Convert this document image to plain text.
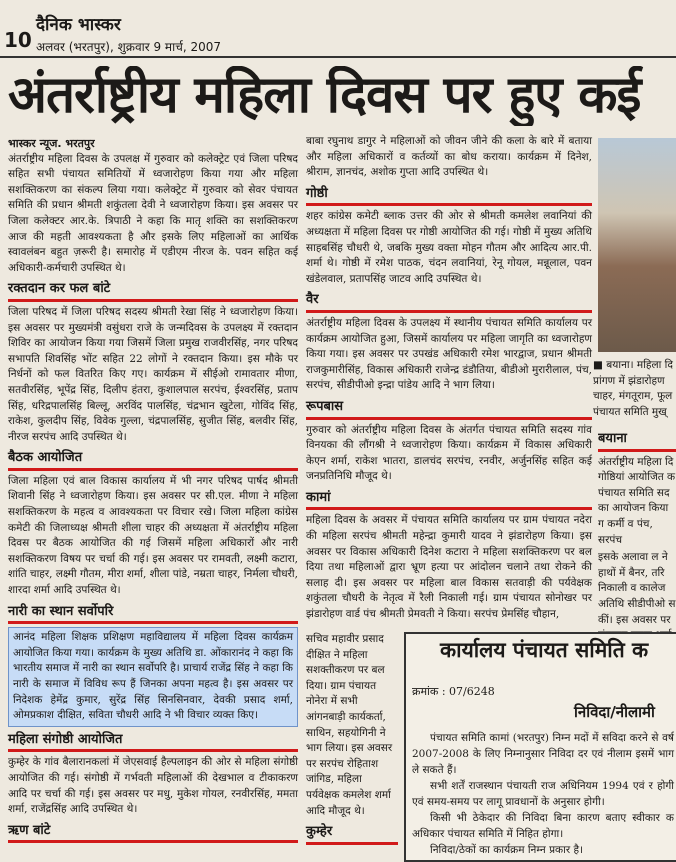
10
दैनिक भास्कर
अलवर (भरतपुर), शुक्रवार 9 मार्च, 2007
अंतर्राष्ट्रीय महिला दिवस पर हुए कई
भास्कर न्यूज. भरतपुर

अंतर्राष्ट्रीय महिला दिवस के उपलक्ष में गुरुवार को कलेक्ट्रेट एवं जिला परिषद सहित सभी पंचायत समितियों में ध्वजारोहण किया गया और महिला सशक्तिकरण का संकल्प लिया गया। कलेक्ट्रेट में गुरुवार को सेवर पंचायत समिति की प्रधान श्रीमती शकुंतला देवी ने ध्वजारोहण किया। इस अवसर पर जिला कलेक्टर आर.के. त्रिपाठी ने कहा कि मातृ शक्ति का सशक्तिकरण आज की महती आवश्यकता है और इसके लिए महिलाओं का आर्थिक स्वावलंबन बहुत ज़रूरी है। समारोह में एडीएम नीरज के. पवन सहित कई अधिकारी-कर्मचारी उपस्थित थे।

रक्तदान कर फल बांटे

जिला परिषद में जिला परिषद सदस्य श्रीमती रेखा सिंह ने ध्वजारोहण किया। इस अवसर पर मुख्यमंत्री वसुंधरा राजे के जन्मदिवस के उपलक्ष्य में रक्तदान शिविर का आयोजन किया गया जिसमें जिला प्रमुख राजवीरसिंह, नगर परिषद सभापति शिवसिंह भोंट सहित 22 लोगों ने रक्तदान किया। इस मौके पर निर्धनों को फल वितरित किए गए। कार्यक्रम में सीईओ रामावतार मीणा, सतवीरसिंह, भूपेंद्र सिंह, दिलीप हंतरा, कुशालपाल सरपंच, ईश्वरसिंह, प्रताप सिंह, धरिद्रपालसिंह बिल्लू, अरविंद पालसिंह, चंद्रभान खुटेला, गोविंद सिंह, राकेश, कुलदीप सिंह, विवेक गुल्ला, चंद्रपालसिंह, सुजीत सिंह, बलवीर सिंह, नीरज सरपंच आदि उपस्थित थे।

बैठक आयोजित

जिला महिला एवं बाल विकास कार्यालय में भी नगर परिषद पार्षद श्रीमती शिवानी सिंह ने ध्वजारोहण किया। इस अवसर पर सी.एल. मीणा ने महिला सशक्तिकरण के महत्व व आवश्यकता पर विचार रखे। जिला महिला कांग्रेस कमेटी की जिलाध्यक्ष श्रीमती शीला चाहर की अध्यक्षता में अंतर्राष्ट्रीय महिला दिवस पर बैठक आयोजित की गई जिसमें महिला अधिकारों और नारी सशक्तिकरण विषय पर चर्चा की गई। इस अवसर पर रामवती, लक्ष्मी कटारा, शांति चाहर, लक्ष्मी गौतम, मीरा शर्मा, शीला पांडे, नम्रता चाहर, निर्मला चौधरी, शारदा शर्मा आदि उपस्थित थे।

नारी का स्थान सर्वोपरि

आनंद महिला शिक्षक प्रशिक्षण महाविद्यालय में महिला दिवस कार्यक्रम आयोजित किया गया। कार्यक्रम के मुख्य अतिथि डा. ओंकारानंद ने कहा कि भारतीय समाज में नारी का स्थान सर्वोपरि है। प्राचार्य राजेंद्र सिंह ने कहा कि नारी के समाज में विविध रूप हैं जिनका अपना महत्व है। इस अवसर पर निदेशक हेमेंद्र कुमार, सुरेंद्र सिंह सिनसिनवार, देवकी प्रसाद शर्मा, ओमप्रकाश दीक्षित, सविता चौधरी आदि ने भी विचार व्यक्त किए।

महिला संगोष्ठी आयोजित

कुम्हेर के गांव बैलारानकलां में जेएसवाई हैल्पलाइन की ओर से महिला संगोष्ठी आयोजित की गई। संगोष्ठी में गर्भवती महिलाओं की देखभाल व टीकाकरण आदि पर चर्चा की गई। इस अवसर पर मधु, मुकेश गोयल, रनवीरसिंह, ममता शर्मा, राजेंद्रसिंह आदि उपस्थित थे।

ऋण बांटे

बाबा रघुनाथ डागुर ने महिलाओं को जीवन जीने की कला के बारे में बताया और महिला अधिकारों व कर्तव्यों का बोध कराया। कार्यक्रम में दिनेश, श्रीराम, ज्ञानचंद, अशोक गुप्ता आदि उपस्थित थे।

गोष्ठी

शहर कांग्रेस कमेटी ब्लाक उत्तर की ओर से श्रीमती कमलेश लवानियां की अध्यक्षता में महिला दिवस पर गोष्ठी आयोजित की गई। गोष्ठी में मुख्य अतिथि साहबसिंह चौधरी थे, जबकि मुख्य वक्ता मोहन गौतम और आदित्य आर.पी. शर्मा थे। गोष्ठी में रमेश पाठक, चंदन लवानियां, रेनू गोयल, मन्नूलाल, पवन खंडेलवाल, प्रतापसिंह जाटव आदि उपस्थित थे।

वैर

अंतर्राष्ट्रीय महिला दिवस के उपलक्ष्य में स्थानीय पंचायत समिति कार्यालय पर कार्यक्रम आयोजित हुआ, जिसमें कार्यालय पर महिला जागृति का ध्वजारोहण किया गया। इस अवसर पर उपखंड अधिकारी रमेश भारद्वाज, प्रधान श्रीमती राजकुमारीसिंह, विकास अधिकारी राजेन्द्र डंडौतिया, बीडीओ मुरारीलाल, पंच, सरपंच, सीडीपीओ इन्द्रा पांडेय आदि ने भाग लिया।

रूपबास

गुरुवार को अंतर्राष्ट्रीय महिला दिवस के अंतर्गत पंचायत समिति सदस्य गांव विनयका की लौंगश्री ने ध्वजारोहण किया। कार्यक्रम में विकास अधिकारी केएन शर्मा, राकेश भातरा, डालचंद सरपंच, रनवीर, अर्जुनसिंह सहित कई जनप्रतिनिधि मौजूद थे।

कामां

महिला दिवस के अवसर में पंचायत समिति कार्यालय पर ग्राम पंचायत नदेरा की महिला सरपंच श्रीमती महेन्द्रा कुमारी यादव ने झंडारोहण किया। इस अवसर पर विकास अधिकारी दिनेश कटारा ने महिला सशक्तिकरण पर बल दिया तथा महिलाओं द्वारा भ्रूण हत्या पर आंदोलन चलाने तथा रोकने की सलाह दी। इस अवसर पर महिला बाल विकास सतवाड़ी की पर्यवेक्षक शकुंतला चौधरी के नेतृत्व में रैली निकाली गई। ग्राम पंचायत सोनोखर पर झंडारोहण वार्ड पंच श्रीमती प्रेमवती ने किया। सरपंच प्रेमसिंह चौहान,

सचिव महावीर प्रसाद दीक्षित ने महिला सशक्तीकरण पर बल दिया। ग्राम पंचायत नोनेरा में सभी आंगनबाड़ी कार्यकर्ता, साथिन, सहयोगिनी ने भाग लिया। इस अवसर पर सरपंच रोहिताश जांगिड, महिला पर्यवेक्षक कमलेश शर्मा आदि मौजूद थे।

कुम्हेर
■ बयाना। महिला दि प्रांगण में झंडारोहण चाहर, मंगतूराम, फूल पंचायत समिति मुख्
बयाना

अंतर्राष्ट्रीय महिला दि गोष्ठियां आयोजित क पंचायत समिति सद का आयोजन किया ग कर्मी व पंच, सरपंच

इसके अलावा ल ने हाथों में बैनर, तरि निकाली व कालेज अतिथि सीडीपीओ स कीं। इस अवसर पर

कार्यालय पंचायत समिति क
क्रमांक : 07/6248
निविदा/नीलामी

पंचायत समिति कामां (भरतपुर) निम्न मदों में सविदा करने से वर्ष 2007-2008 के लिए निम्नानुसार निविदा दर एवं नीलाम इसमें भाग ले सकते हैं।

सभी शर्तें राजस्थान पंचायती राज अधिनियम 1994 एवं र होगी एवं समय-समय पर लागू प्रावधानों के अनुसार होगी।

किसी भी ठेकेदार की निविदा बिना कारण बताए स्वीकार क अधिकार पंचायत समिति में निहित होगा।

निविदा/ठेकों का कार्यक्रम निम्न प्रकार है।
